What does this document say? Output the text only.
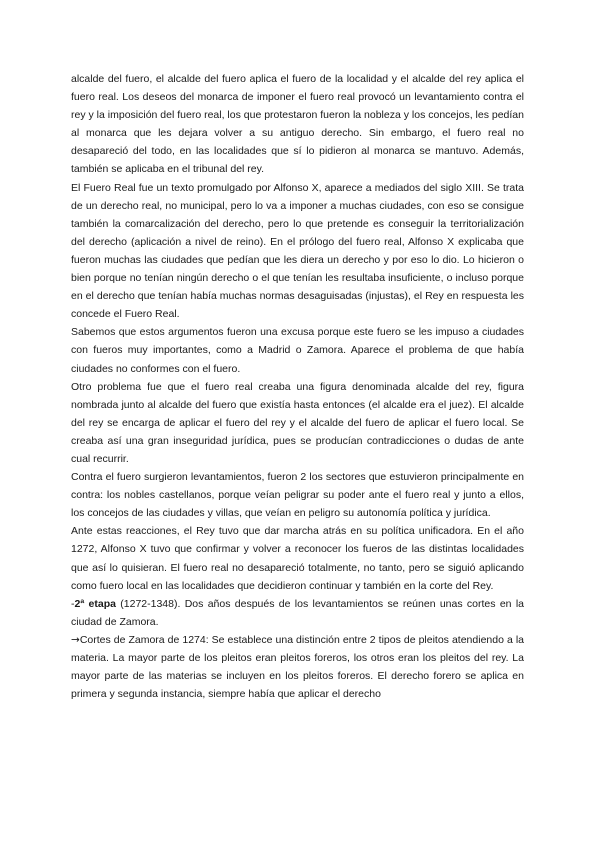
alcalde del fuero, el alcalde del fuero aplica el fuero de la localidad y el alcalde del rey aplica el fuero real. Los deseos del monarca de imponer el fuero real provocó un levantamiento contra el rey y la imposición del fuero real, los que protestaron fueron la nobleza y los concejos, les pedían al monarca que les dejara volver a su antiguo derecho. Sin embargo, el fuero real no desapareció del todo, en las localidades que sí lo pidieron al monarca se mantuvo. Además, también se aplicaba en el tribunal del rey.

El Fuero Real fue un texto promulgado por Alfonso X, aparece a mediados del siglo XIII. Se trata de un derecho real, no municipal, pero lo va a imponer a muchas ciudades, con eso se consigue también la comarcalización del derecho, pero lo que pretende es conseguir la territorialización del derecho (aplicación a nivel de reino). En el prólogo del fuero real, Alfonso X explicaba que fueron muchas las ciudades que pedían que les diera un derecho y por eso lo dio. Lo hicieron o bien porque no tenían ningún derecho o el que tenían les resultaba insuficiente, o incluso porque en el derecho que tenían había muchas normas desaguisadas (injustas), el Rey en respuesta les concede el Fuero Real.

Sabemos que estos argumentos fueron una excusa porque este fuero se les impuso a ciudades con fueros muy importantes, como a Madrid o Zamora. Aparece el problema de que había ciudades no conformes con el fuero.

Otro problema fue que el fuero real creaba una figura denominada alcalde del rey, figura nombrada junto al alcalde del fuero que existía hasta entonces (el alcalde era el juez). El alcalde del rey se encarga de aplicar el fuero del rey y el alcalde del fuero de aplicar el fuero local. Se creaba así una gran inseguridad jurídica, pues se producían contradicciones o dudas de ante cual recurrir.

Contra el fuero surgieron levantamientos, fueron 2 los sectores que estuvieron principalmente en contra: los nobles castellanos, porque veían peligrar su poder ante el fuero real y junto a ellos, los concejos de las ciudades y villas, que veían en peligro su autonomía política y jurídica.

Ante estas reacciones, el Rey tuvo que dar marcha atrás en su política unificadora. En el año 1272, Alfonso X tuvo que confirmar y volver a reconocer los fueros de las distintas localidades que así lo quisieran. El fuero real no desapareció totalmente, no tanto, pero se siguió aplicando como fuero local en las localidades que decidieron continuar y también en la corte del Rey.

-2ª etapa (1272-1348). Dos años después de los levantamientos se reúnen unas cortes en la ciudad de Zamora.

→Cortes de Zamora de 1274: Se establece una distinción entre 2 tipos de pleitos atendiendo a la materia. La mayor parte de los pleitos eran pleitos foreros, los otros eran los pleitos del rey. La mayor parte de las materias se incluyen en los pleitos foreros. El derecho forero se aplica en primera y segunda instancia, siempre había que aplicar el derecho
